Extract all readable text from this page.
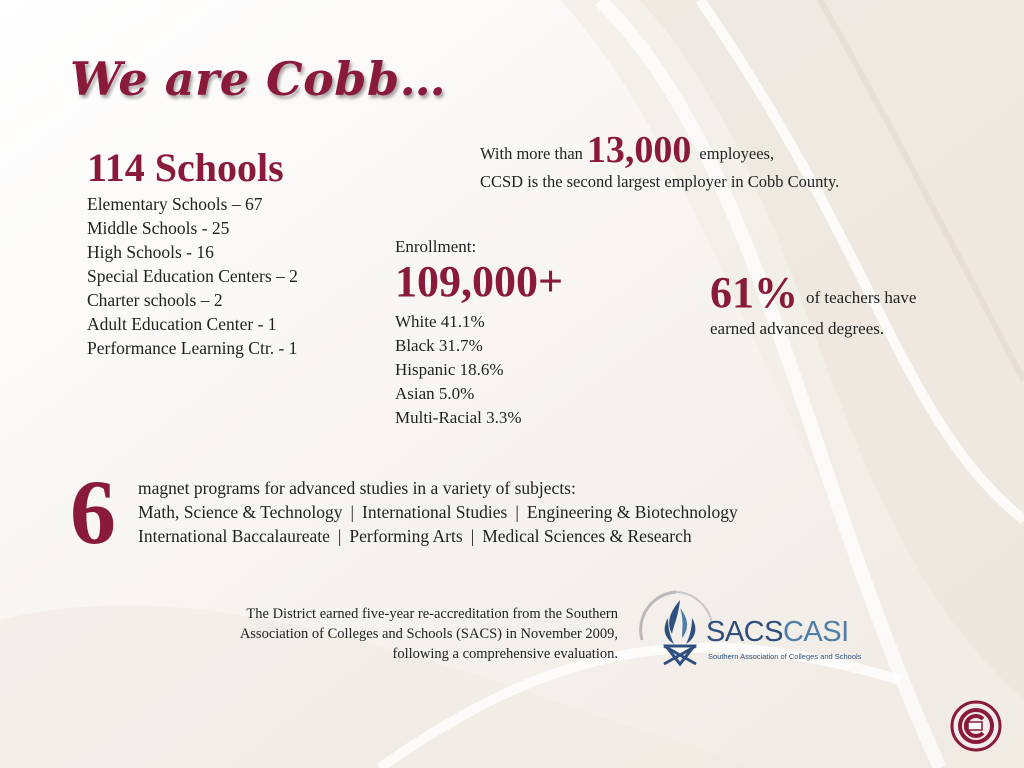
We are Cobb…
114 Schools
Elementary Schools – 67
Middle Schools - 25
High Schools - 16
Special Education Centers – 2
Charter schools – 2
Adult Education Center - 1
Performance Learning Ctr. - 1
With more than 13,000 employees,
CCSD is the second largest employer in Cobb County.
Enrollment:
109,000+
White 41.1%
Black 31.7%
Hispanic 18.6%
Asian 5.0%
Multi-Racial 3.3%
61% of teachers have
earned advanced degrees.
6 magnet programs for advanced studies in a variety of subjects:
Math, Science & Technology | International Studies | Engineering & Biotechnology
International Baccalaureate | Performing Arts | Medical Sciences & Research
The District earned five-year re-accreditation from the Southern
Association of Colleges and Schools (SACS) in November 2009,
following a comprehensive evaluation.
SACSCASI
Southern Association of Colleges and Schools
